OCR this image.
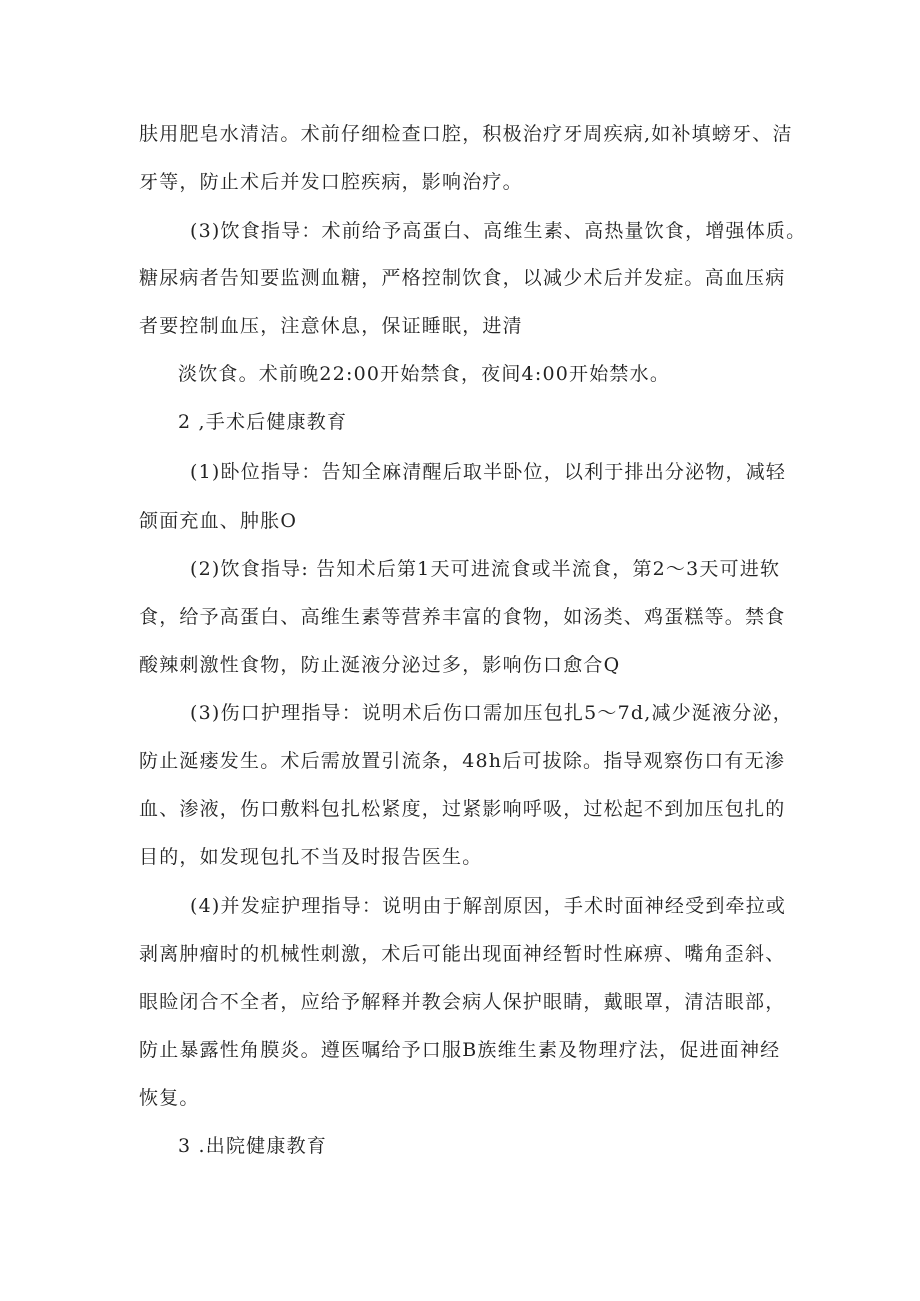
肤用肥皂水清洁。术前仔细检查口腔，积极治疗牙周疾病,如补填螃牙、洁
牙等，防止术后并发口腔疾病，影响治疗。
(3)饮食指导：术前给予高蛋白、高维生素、高热量饮食，增强体质。
糖尿病者告知要监测血糖，严格控制饮食，以减少术后并发症。高血压病
者要控制血压，注意休息，保证睡眠，进清
淡饮食。术前晚22:00开始禁食，夜间4:00开始禁水。
2 ,手术后健康教育
(1)卧位指导：告知全麻清醒后取半卧位，以利于排出分泌物，减轻
颌面充血、肿胀O
(2)饮食指导: 告知术后第1天可进流食或半流食，第2～3天可进软
食，给予高蛋白、高维生素等营养丰富的食物，如汤类、鸡蛋糕等。禁食
酸辣刺激性食物，防止涎液分泌过多，影响伤口愈合Q
(3)伤口护理指导：说明术后伤口需加压包扎5～7d,减少涎液分泌，
防止涎瘘发生。术后需放置引流条，48h后可拔除。指导观察伤口有无渗
血、渗液，伤口敷料包扎松紧度，过紧影响呼吸，过松起不到加压包扎的
目的，如发现包扎不当及时报告医生。
(4)并发症护理指导：说明由于解剖原因，手术时面神经受到牵拉或
剥离肿瘤时的机械性刺激，术后可能出现面神经暂时性麻痹、嘴角歪斜、
眼睑闭合不全者，应给予解释并教会病人保护眼睛，戴眼罩，清洁眼部，
防止暴露性角膜炎。遵医嘱给予口服B族维生素及物理疗法，促进面神经
恢复。
3 .出院健康教育
